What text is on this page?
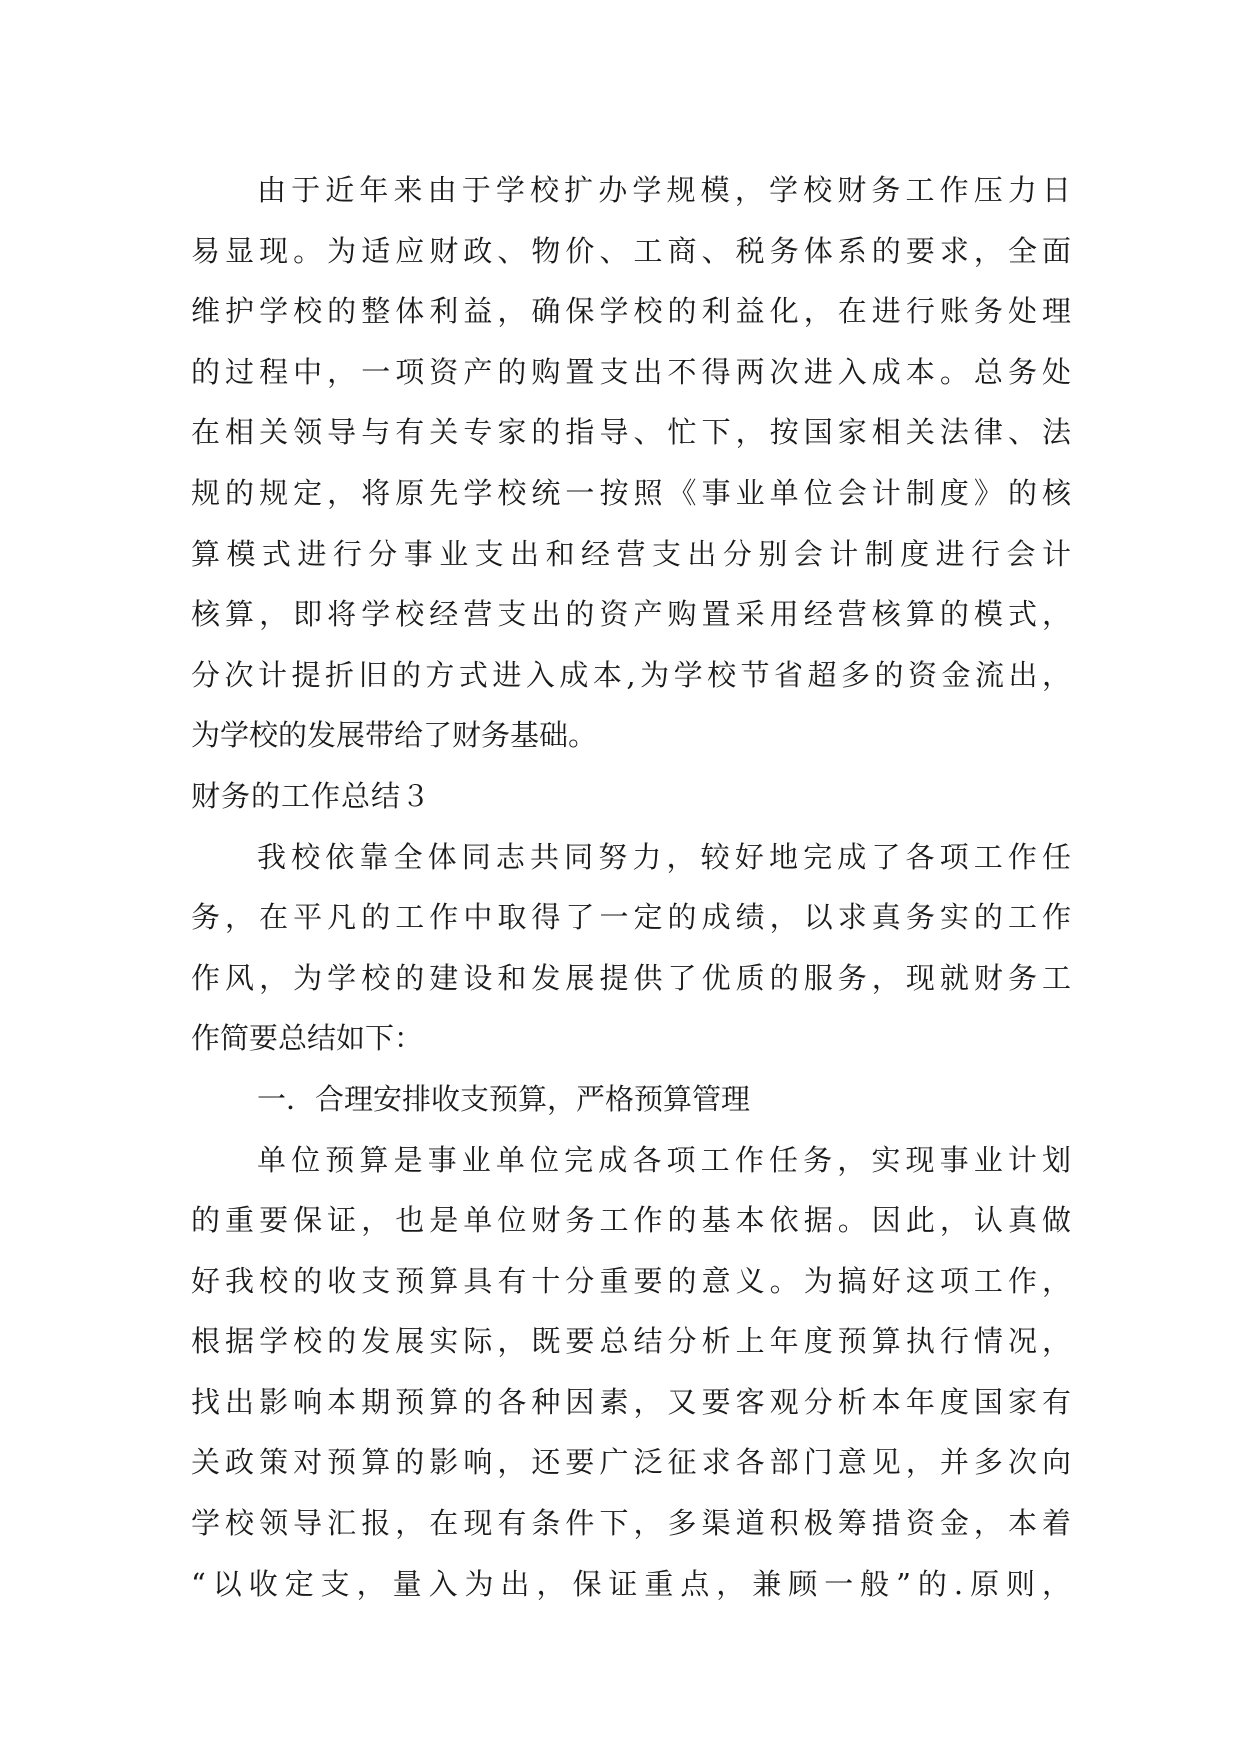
由于近年来由于学校扩办学规模，学校财务工作压力日
易显现。为适应财政、物价、工商、税务体系的要求，全面
维护学校的整体利益，确保学校的利益化，在进行账务处理
的过程中，一项资产的购置支出不得两次进入成本。总务处
在相关领导与有关专家的指导、忙下，按国家相关法律、法
规的规定，将原先学校统一按照《事业单位会计制度》的核
算模式进行分事业支出和经营支出分别会计制度进行会计
核算，即将学校经营支出的资产购置采用经营核算的模式，
分次计提折旧的方式进入成本,为学校节省超多的资金流出，
为学校的发展带给了财务基础。
财务的工作总结３
我校依靠全体同志共同努力，较好地完成了各项工作任
务，在平凡的工作中取得了一定的成绩，以求真务实的工作
作风，为学校的建设和发展提供了优质的服务，现就财务工
作简要总结如下：
一．合理安排收支预算，严格预算管理
单位预算是事业单位完成各项工作任务，实现事业计划
的重要保证，也是单位财务工作的基本依据。因此，认真做
好我校的收支预算具有十分重要的意义。为搞好这项工作，
根据学校的发展实际，既要总结分析上年度预算执行情况，
找出影响本期预算的各种因素，又要客观分析本年度国家有
关政策对预算的影响，还要广泛征求各部门意见，并多次向
学校领导汇报，在现有条件下，多渠道积极筹措资金，本着
“以收定支，量入为出，保证重点，兼顾一般”的.原则，
